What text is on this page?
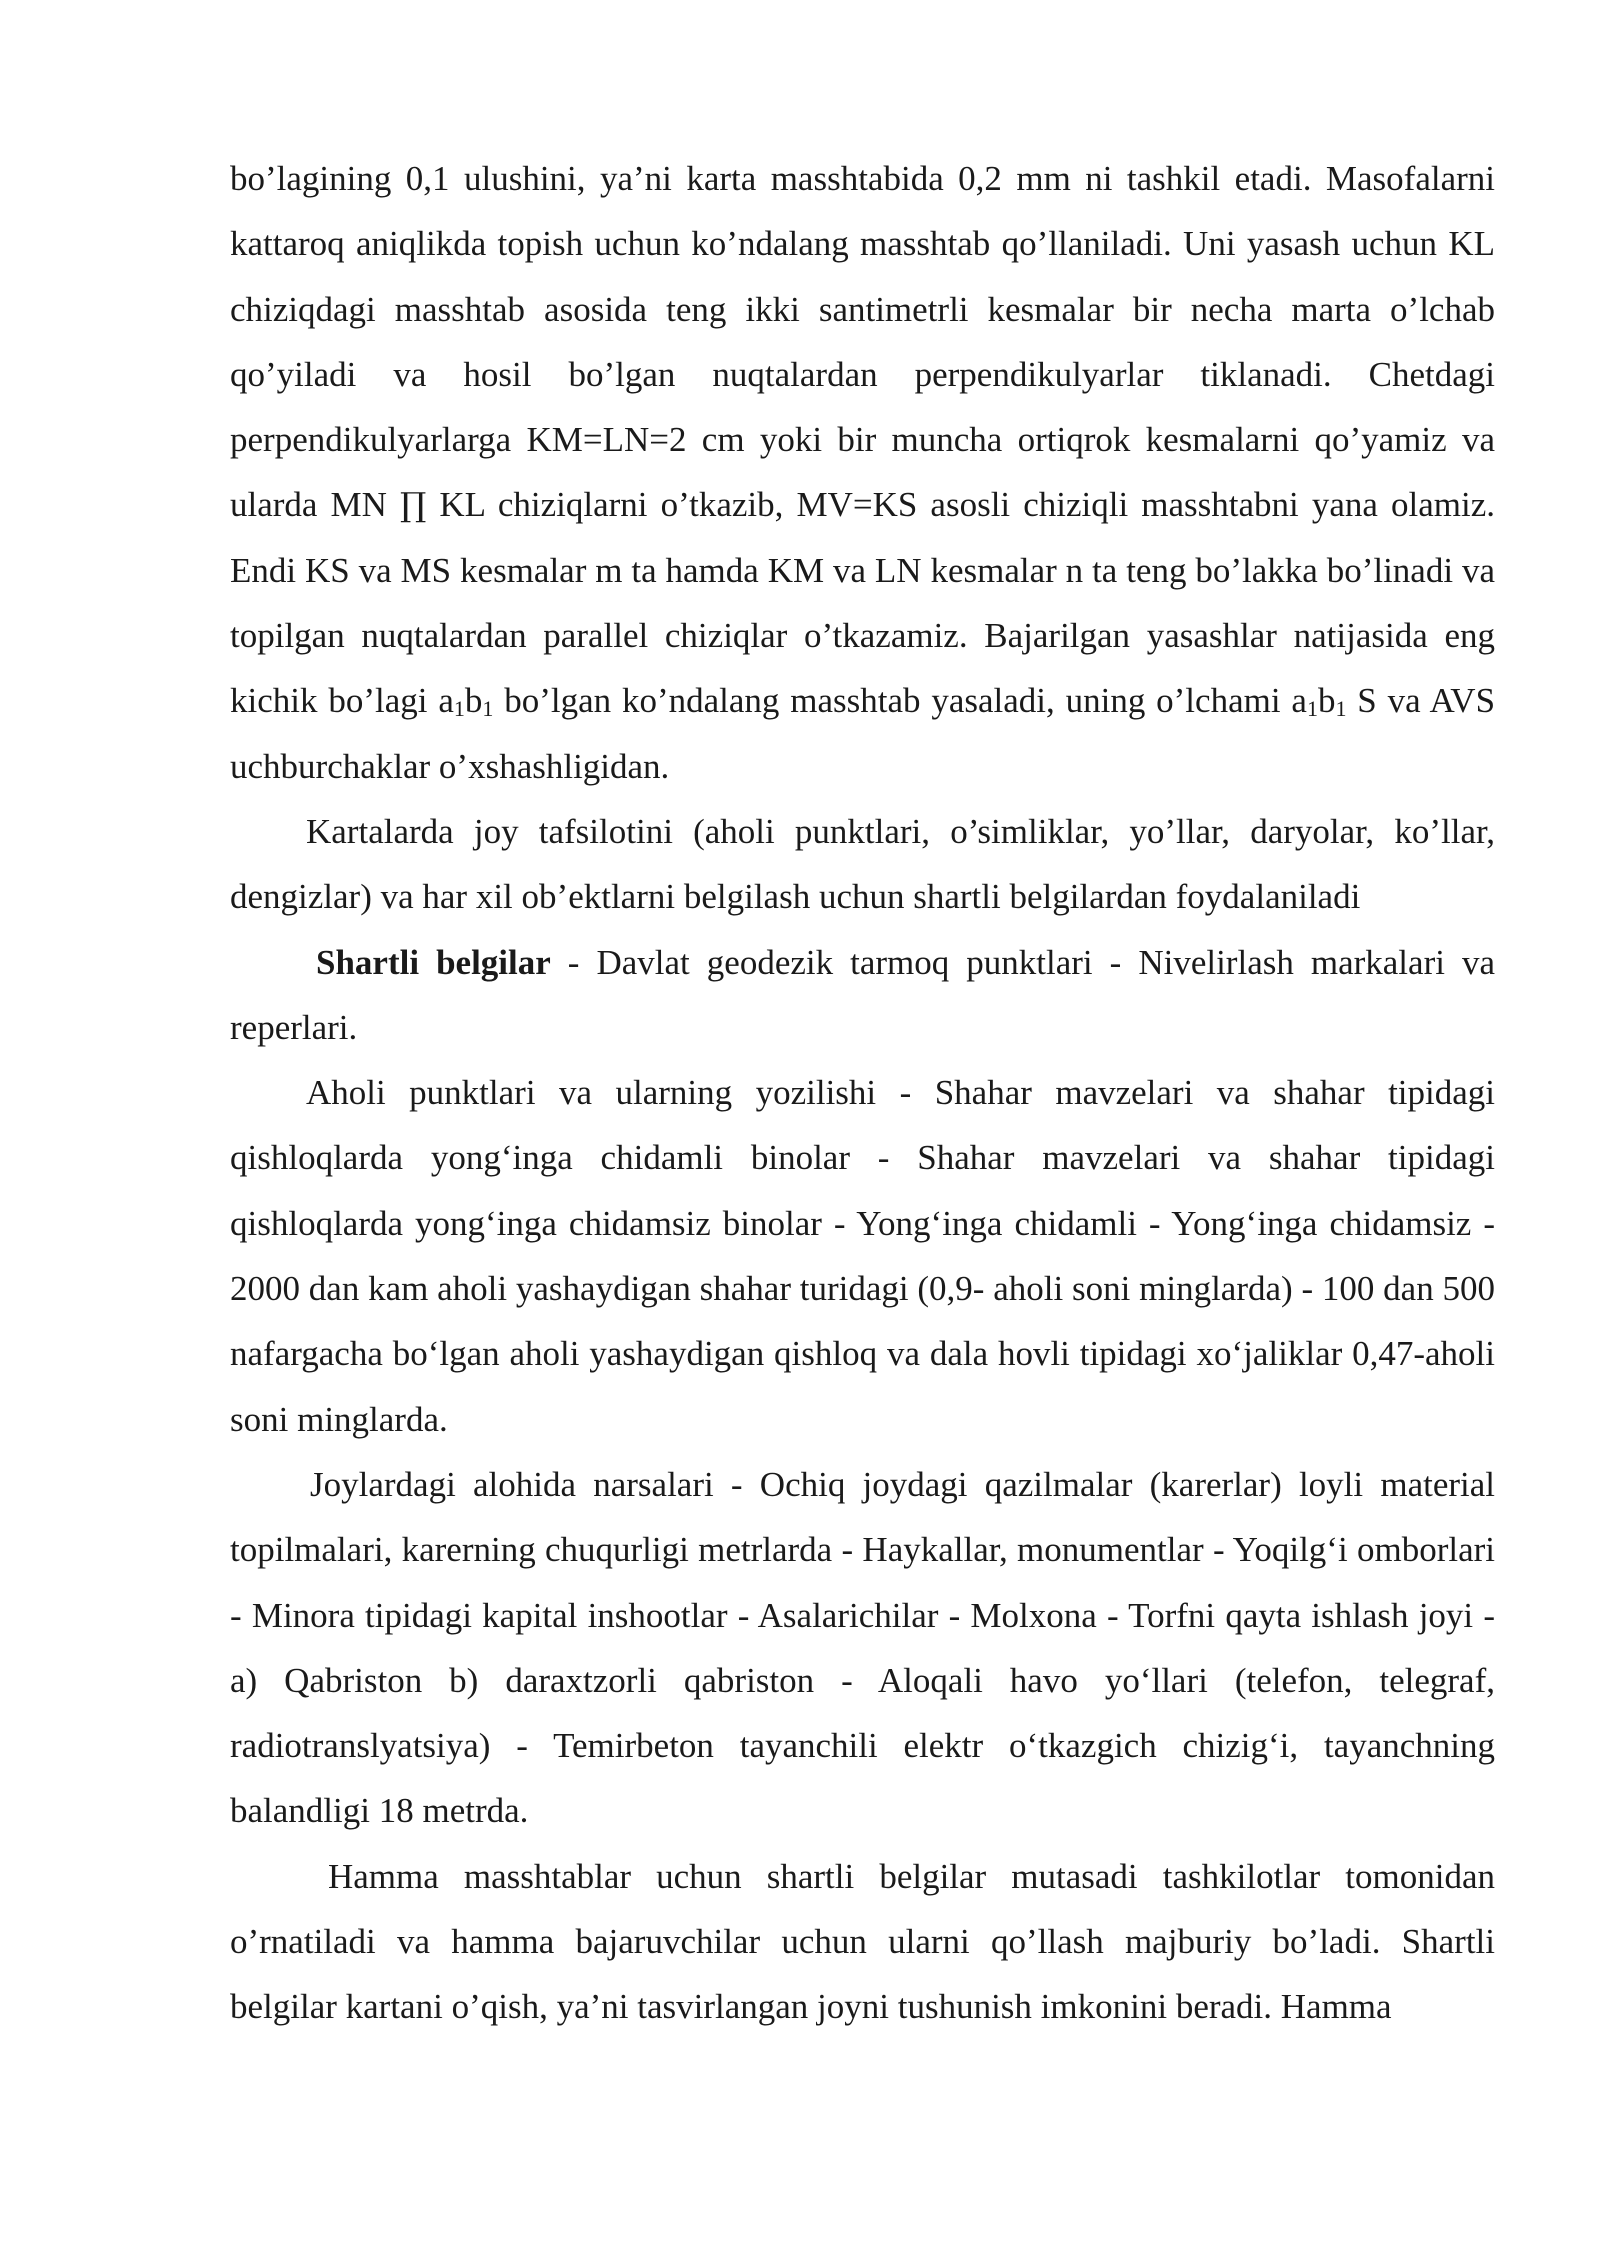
bo’lagining 0,1 ulushini, ya’ni karta masshtabida 0,2 mm ni tashkil etadi. Masofalarni kattaroq aniqlikda topish uchun ko’ndalang masshtab qo’llaniladi. Uni yasash uchun KL chiziqdagi masshtab asosida teng ikki santimetrli kesmalar bir necha marta o’lchab qo’yiladi va hosil bo’lgan nuqtalardan perpendikulyarlar tiklanadi. Chetdagi perpendikulyarlarga KM=LN=2 cm yoki bir muncha ortiqrok kesmalarni qo’yamiz va ularda MN ∏ KL chiziqlarni o’tkazib, MV=KS asosli chiziqli masshtabni yana olamiz. Endi KS va MS kesmalar m ta hamda KM va LN kesmalar n ta teng bo’lakka bo’linadi va topilgan nuqtalardan parallel chiziqlar o’tkazamiz. Bajarilgan yasashlar natijasida eng kichik bo’lagi $a_1b_1$ bo’lgan ko’ndalang masshtab yasaladi, uning o’lchami $a_1b_1$ S va AVS uchburchaklar o’xshashligidan.

Kartalarda joy tafsilotini (aholi punktlari, o’simliklar, yo’llar, daryolar, ko’llar, dengizlar) va har xil ob’ektlarni belgilash uchun shartli belgilardan foydalaniladi

Shartli belgilar - Davlat geodezik tarmoq punktlari - Nivelirlash markalari va reperlari.

Aholi punktlari va ularning yozilishi - Shahar mavzelari va shahar tipidagi qishloqlarda yong‘inga chidamli binolar - Shahar mavzelari va shahar tipidagi qishloqlarda yong‘inga chidamsiz binolar - Yong‘inga chidamli - Yong‘inga chidamsiz - 2000 dan kam aholi yashaydigan shahar turidagi (0,9- aholi soni minglarda) - 100 dan 500 nafargacha bo‘lgan aholi yashaydigan qishloq va dala hovli tipidagi xo‘jaliklar 0,47-aholi soni minglarda.

Joylardagi alohida narsalari - Ochiq joydagi qazilmalar (karerlar) loyli material topilmalari, karerning chuqurligi metrlarda - Haykallar, monumentlar - Yoqilg‘i omborlari - Minora tipidagi kapital inshootlar - Asalarichilar - Molxona - Torfni qayta ishlash joyi - a) Qabriston b) daraxtzorli qabriston - Aloqali havo yo‘llari (telefon, telegraf, radiotranslyatsiya) - Temirbeton tayanchili elektr o‘tkazgich chizig‘i, tayanchning balandligi 18 metrda.

Hamma masshtablar uchun shartli belgilar mutasadi tashkilotlar tomonidan o’rnatiladi va hamma bajaruvchilar uchun ularni qo’llash majburiy bo’ladi. Shartli belgilar kartani o’qish, ya’ni tasvirlangan joyni tushunish imkonini beradi. Hamma
